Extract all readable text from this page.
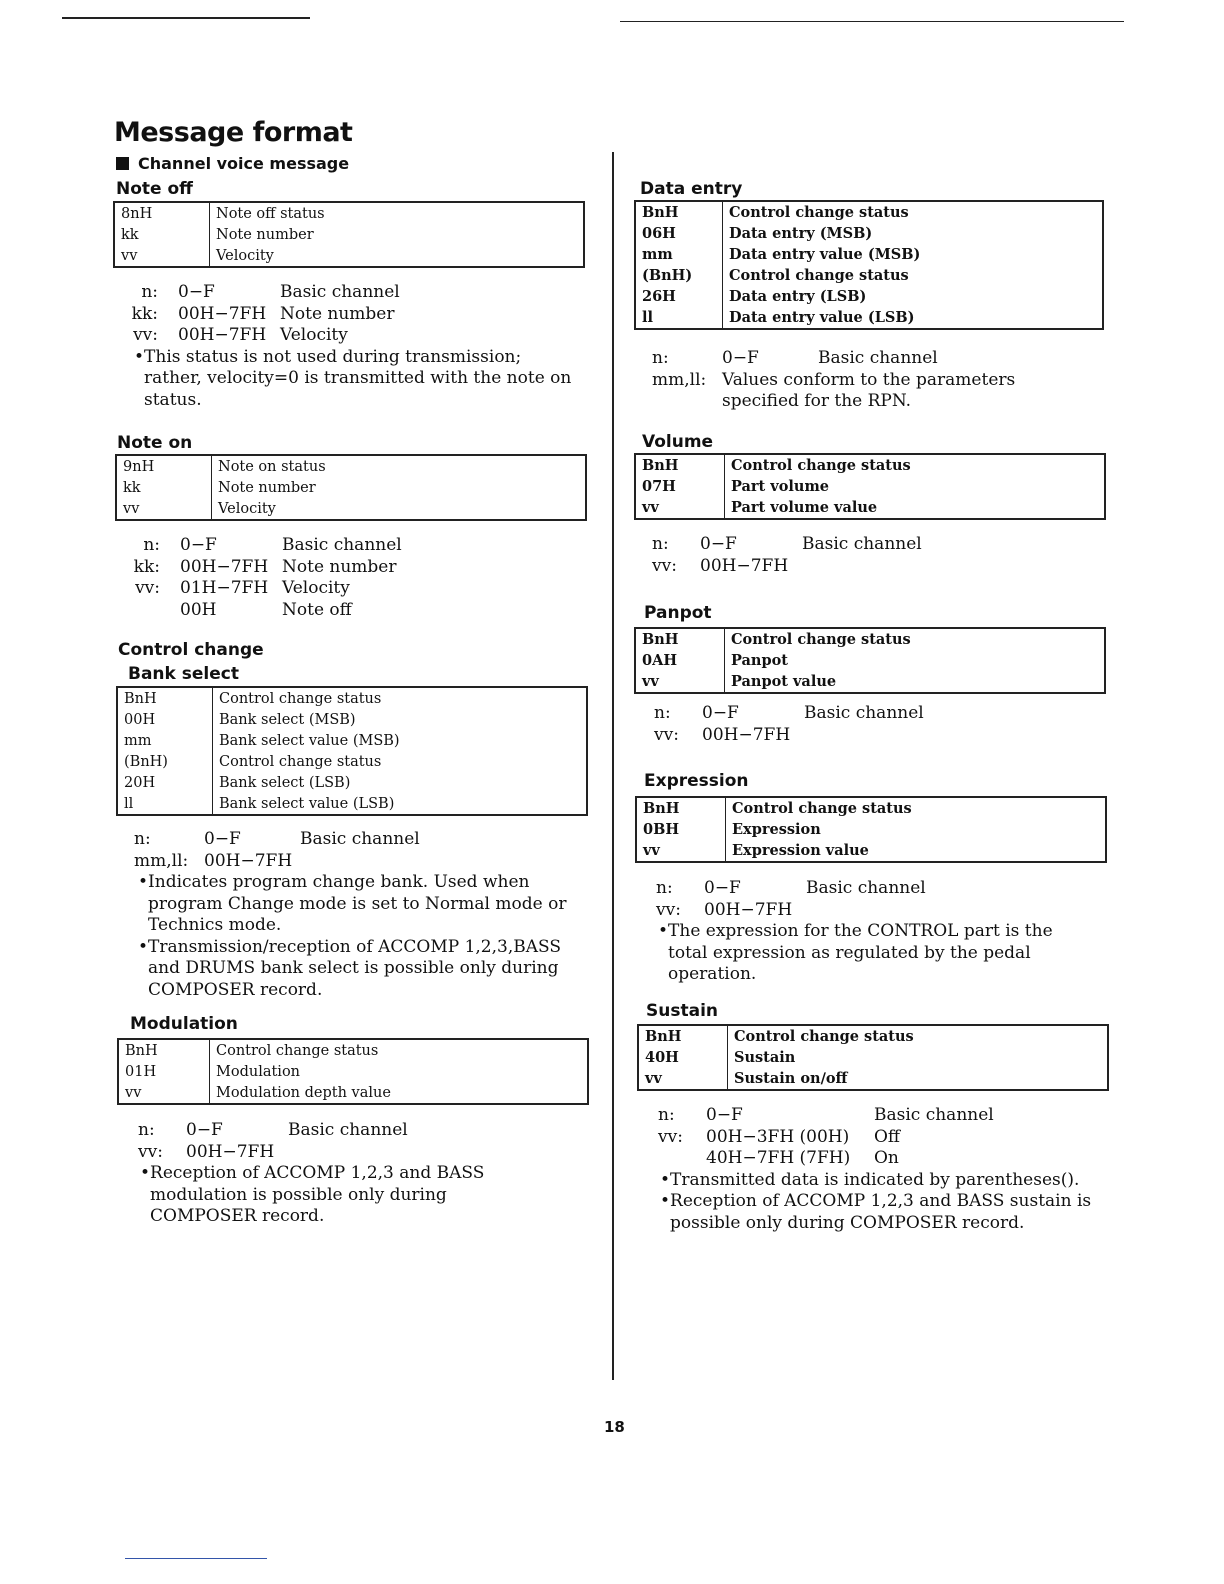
Message format
Channel voice message
Note off
8nH	Note off status
kk	Note number
vv	Velocity
n:	0−F	Basic channel
kk:	00H−7FH Note number
vv:	00H−7FH Velocity
•This status is not used during transmission; rather, velocity=0 is transmitted with the note on status.
Note on
9nH	Note on status
kk	Note number
vv	Velocity
n:	0−F	Basic channel
kk:	00H−7FH Note number
vv:	01H−7FH Velocity
00H	Note off
Control change
Bank select
BnH	Control change status
00H	Bank select (MSB)
mm	Bank select value (MSB)
(BnH)	Control change status
20H	Bank select (LSB)
ll	Bank select value (LSB)
n:	0−F	Basic channel
mm,ll: 00H−7FH
•Indicates program change bank. Used when program Change mode is set to Normal mode or Technics mode.
•Transmission∕reception of ACCOMP 1,2,3,BASS and DRUMS bank select is possible only during COMPOSER record.
Modulation
BnH	Control change status
01H	Modulation
vv	Modulation depth value
n:	0−F	Basic channel
vv:	00H−7FH
•Reception of ACCOMP 1,2,3 and BASS modulation is possible only during COMPOSER record.
Data entry
BnH	Control change status
06H	Data entry (MSB)
mm	Data entry value (MSB)
(BnH)	Control change status
26H	Data entry (LSB)
ll	Data entry value (LSB)
n:	0−F	Basic channel
mm,ll: Values conform to the parameters
specified for the RPN.
Volume
BnH	Control change status
07H	Part volume
vv	Part volume value
n:	0−F	Basic channel
vv:	00H−7FH
Panpot
BnH	Control change status
0AH	Panpot
vv	Panpot value
n:	0−F	Basic channel
vv:	00H−7FH
Expression
BnH	Control change status
0BH	Expression
vv	Expression value
n:	0−F	Basic channel
vv:	00H−7FH
•The expression for the CONTROL part is the total expression as regulated by the pedal operation.
Sustain
BnH	Control change status
40H	Sustain
vv	Sustain on∕off
n:	0−F	Basic channel
vv:	00H−3FH (00H)	Off
40H−7FH (7FH)	On
•Transmitted data is indicated by parentheses().
•Reception of ACCOMP 1,2,3 and BASS sustain is possible only during COMPOSER record.
18
